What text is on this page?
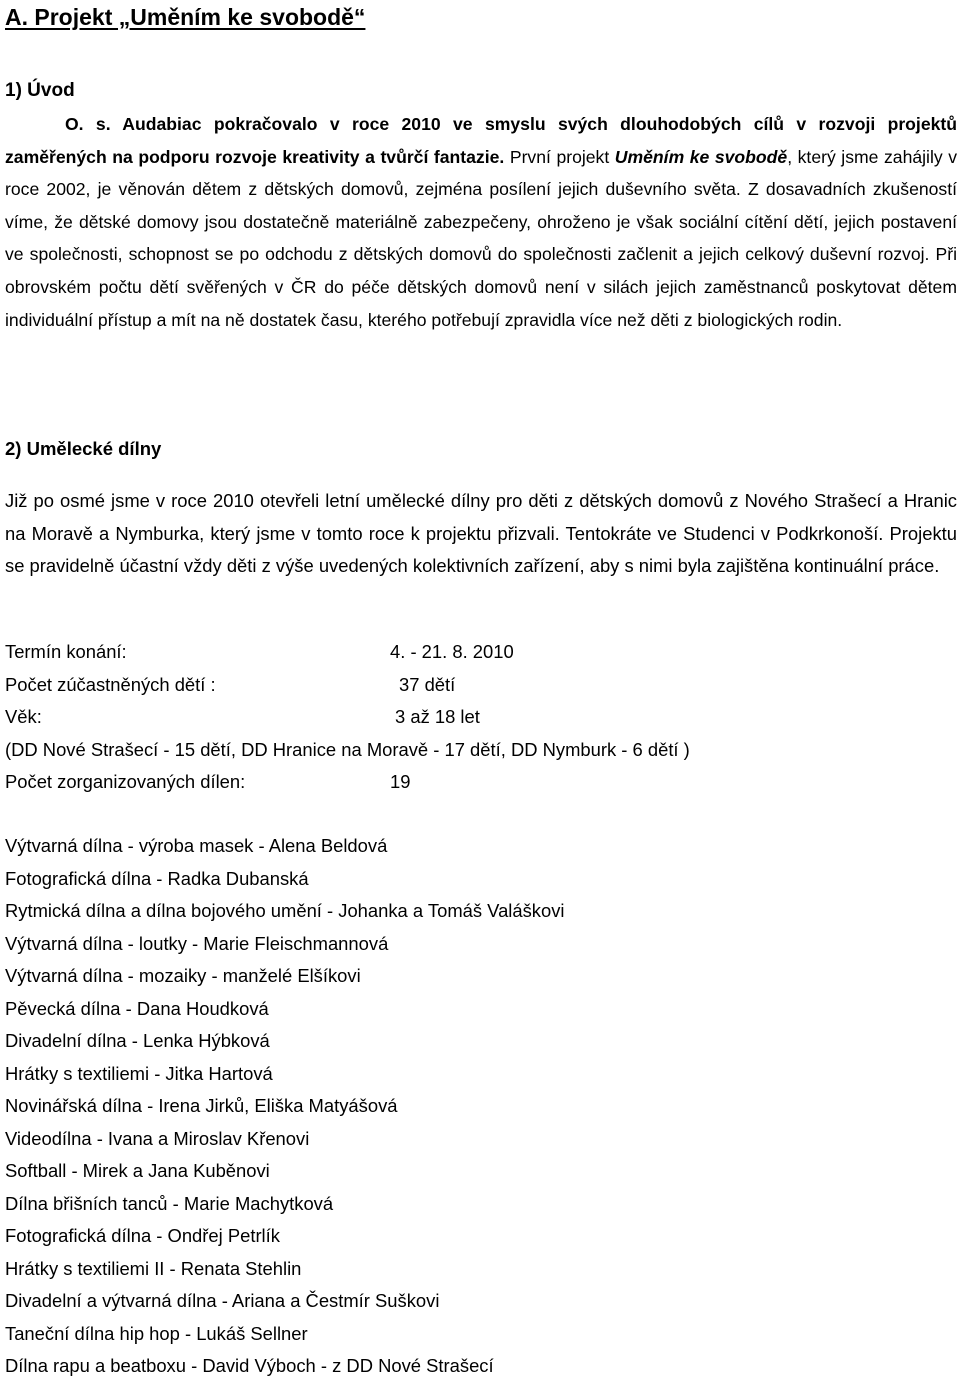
A. Projekt „Uměním ke svobodě“
1) Úvod
O. s. Audabiac pokračovalo v roce 2010 ve smyslu svých dlouhodobých cílů v rozvoji projektů zaměřených na podporu rozvoje kreativity a tvůrčí fantazie. První projekt Uměním ke svobodě, který jsme zahájily v roce 2002, je věnován dětem z dětských domovů, zejména posílení jejich duševního světa. Z dosavadních zkušeností víme, že dětské domovy jsou dostatečně materiálně zabezpečeny, ohroženo je však sociální cítění dětí, jejich postavení ve společnosti, schopnost se po odchodu z dětských domovů do společnosti začlenit a jejich celkový duševní rozvoj. Při obrovském počtu dětí svěřených v ČR do péče dětských domovů není v silách jejich zaměstnanců poskytovat dětem individuální přístup a mít na ně dostatek času, kterého potřebují zpravidla více než děti z biologických rodin.
2) Umělecké dílny
Již po osmé jsme v roce 2010 otevřeli letní umělecké dílny pro děti z dětských domovů z Nového Strašecí a Hranic na Moravě a Nymburka, který jsme v tomto roce k projektu přizvali. Tentokráte ve Studenci v Podkrkonoší. Projektu se pravidelně účastní vždy děti z výše uvedených kolektivních zařízení, aby s nimi byla zajištěna kontinuální práce.
Termín konání:	4. - 21. 8. 2010
Počet zúčastněných dětí :	37 dětí
Věk:	3 až 18 let
(DD Nové Strašecí - 15 dětí, DD Hranice na Moravě - 17 dětí, DD Nymburk - 6 dětí )
Počet zorganizovaných dílen:	19
Výtvarná dílna - výroba masek - Alena Beldová
Fotografická dílna - Radka Dubanská
Rytmická dílna a dílna bojového umění - Johanka a Tomáš Valáškovi
Výtvarná dílna - loutky - Marie Fleischmannová
Výtvarná dílna - mozaiky - manželé Elšíkovi
Pěvecká dílna - Dana Houdková
Divadelní dílna - Lenka Hýbková
Hrátky s textiliemi - Jitka Hartová
Novinářská dílna - Irena Jirků, Eliška Matyášová
Videodílna - Ivana a Miroslav Křenovi
Softball - Mirek a Jana Kuběnovi
Dílna břišních tanců - Marie Machytková
Fotografická dílna - Ondřej Petrlík
Hrátky s textiliemi II - Renata Stehlin
Divadelní a výtvarná dílna - Ariana a Čestmír Suškovi
Taneční dílna hip hop - Lukáš Sellner
Dílna rapu a beatboxu - David Výboch - z DD Nové Strašecí
